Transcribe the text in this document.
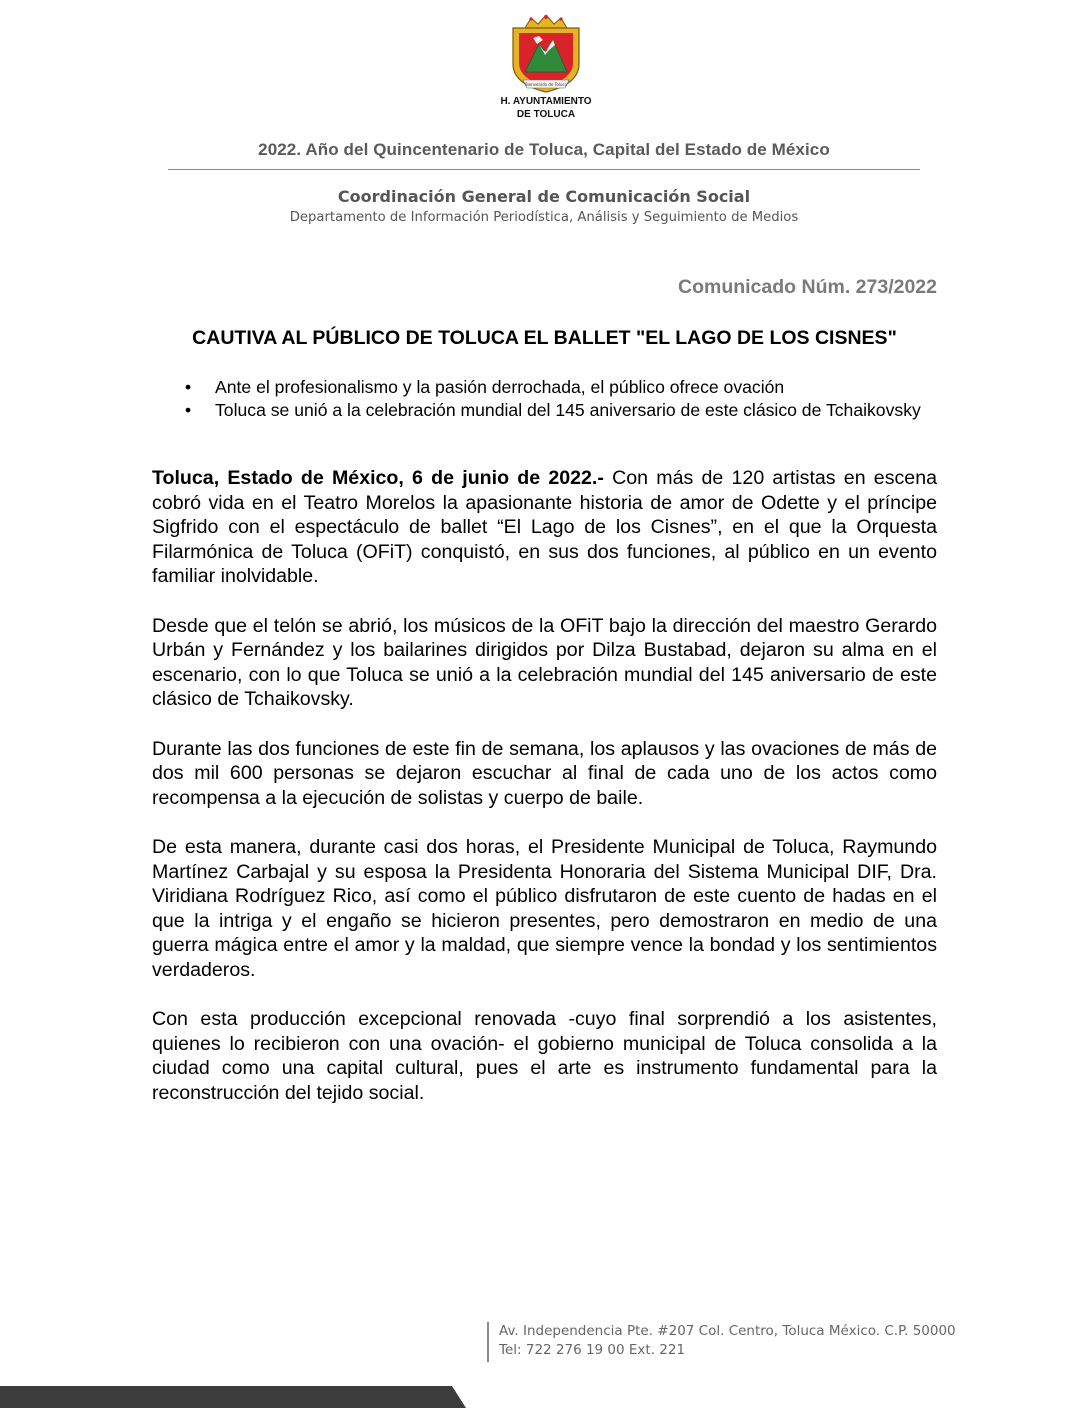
Bienvenido de Toluca
H. AYUNTAMIENTO
DE TOLUCA
2022. Año del Quincentenario de Toluca, Capital del Estado de México
Coordinación General de Comunicación Social
Departamento de Información Periodística, Análisis y Seguimiento de Medios
Comunicado Núm. 273/2022
CAUTIVA AL PÚBLICO DE TOLUCA EL BALLET "EL LAGO DE LOS CISNES"
• Ante el profesionalismo y la pasión derrochada, el público ofrece ovación
• Toluca se unió a la celebración mundial del 145 aniversario de este clásico de Tchaikovsky

Toluca, Estado de México, 6 de junio de 2022.- Con más de 120 artistas en escena cobró vida en el Teatro Morelos la apasionante historia de amor de Odette y el príncipe Sigfrido con el espectáculo de ballet “El Lago de los Cisnes”, en el que la Orquesta Filarmónica de Toluca (OFiT) conquistó, en sus dos funciones, al público en un evento familiar inolvidable.

Desde que el telón se abrió, los músicos de la OFiT bajo la dirección del maestro Gerardo Urbán y Fernández y los bailarines dirigidos por Dilza Bustabad, dejaron su alma en el escenario, con lo que Toluca se unió a la celebración mundial del 145 aniversario de este clásico de Tchaikovsky.

Durante las dos funciones de este fin de semana, los aplausos y las ovaciones de más de dos mil 600 personas se dejaron escuchar al final de cada uno de los actos como recompensa a la ejecución de solistas y cuerpo de baile.

De esta manera, durante casi dos horas, el Presidente Municipal de Toluca, Raymundo Martínez Carbajal y su esposa la Presidenta Honoraria del Sistema Municipal DIF, Dra. Viridiana Rodríguez Rico, así como el público disfrutaron de este cuento de hadas en el que la intriga y el engaño se hicieron presentes, pero demostraron en medio de una guerra mágica entre el amor y la maldad, que siempre vence la bondad y los sentimientos verdaderos.

Con esta producción excepcional renovada -cuyo final sorprendió a los asistentes, quienes lo recibieron con una ovación- el gobierno municipal de Toluca consolida a la ciudad como una capital cultural, pues el arte es instrumento fundamental para la reconstrucción del tejido social.

Av. Independencia Pte. #207 Col. Centro, Toluca México. C.P. 50000
Tel: 722 276 19 00 Ext. 221
